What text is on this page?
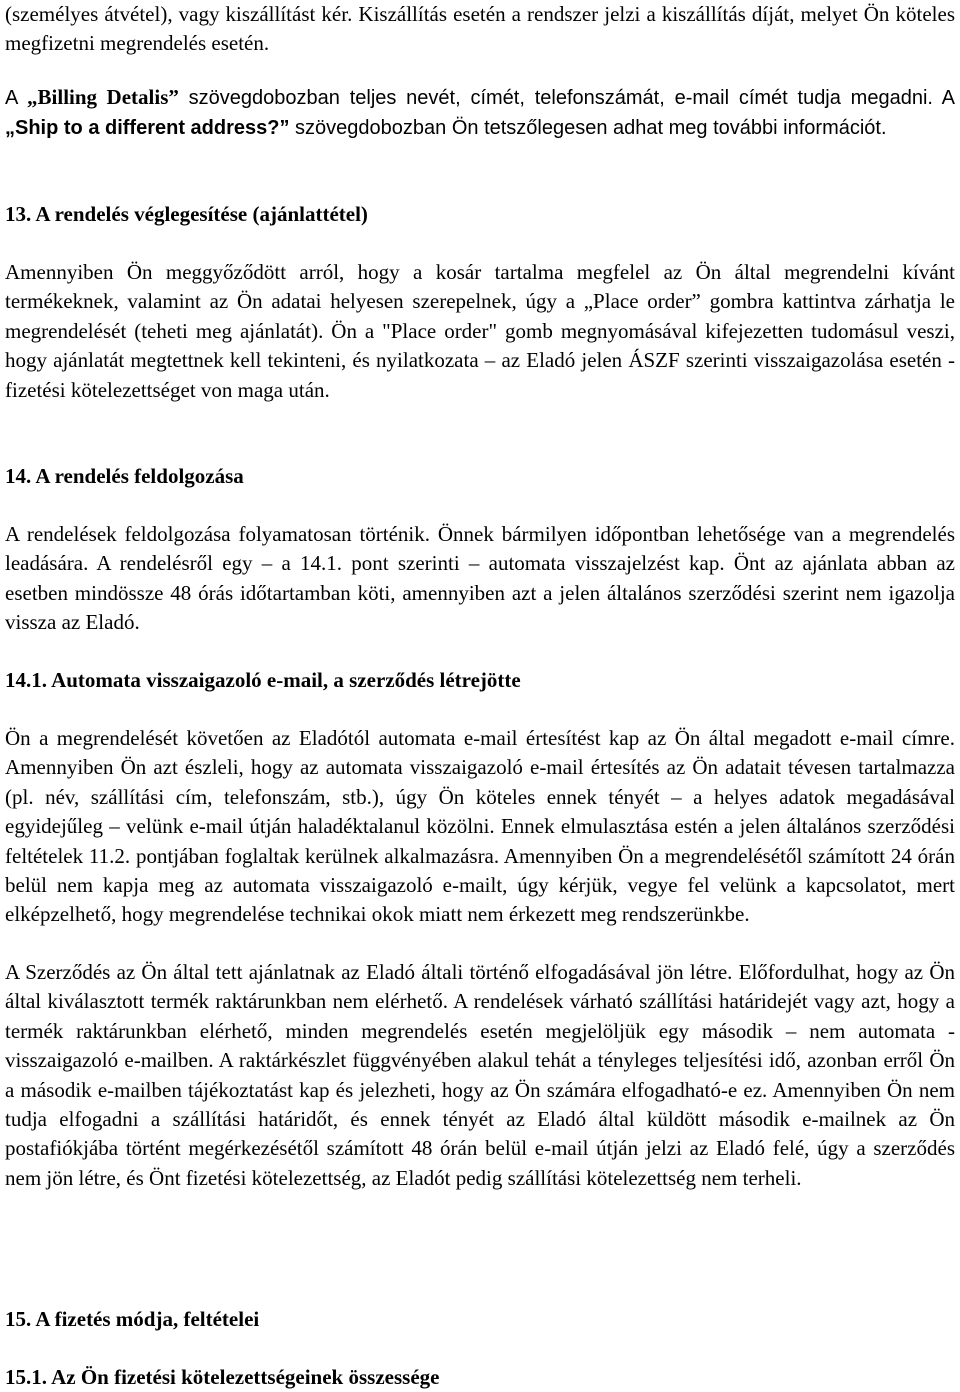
(személyes átvétel), vagy kiszállítást kér. Kiszállítás esetén a rendszer jelzi a kiszállítás díját, melyet Ön köteles megfizetni megrendelés esetén.
A „Billing Detalis” szövegdobozban teljes nevét, címét, telefonszámát, e-mail címét tudja megadni. A „Ship to a different address?” szövegdobozban Ön tetszőlegesen adhat meg további információt.
13. A rendelés véglegesítése (ajánlattétel)
Amennyiben Ön meggyőződött arról, hogy a kosár tartalma megfelel az Ön által megrendelni kívánt termékeknek, valamint az Ön adatai helyesen szerepelnek, úgy a „Place order” gombra kattintva zárhatja le megrendelését (teheti meg ajánlatát). Ön a "Place order" gomb megnyomásával kifejezetten tudomásul veszi, hogy ajánlatát megtettnek kell tekinteni, és nyilatkozata – az Eladó jelen ÁSZF szerinti visszaigazolása esetén - fizetési kötelezettséget von maga után.
14. A rendelés feldolgozása
A rendelések feldolgozása folyamatosan történik. Önnek bármilyen időpontban lehetősége van a megrendelés leadására. A rendelésről egy – a 14.1. pont szerinti – automata visszajelzést kap. Önt az ajánlata abban az esetben mindössze 48 órás időtartamban köti, amennyiben azt a jelen általános szerződési szerint nem igazolja vissza az Eladó.
14.1. Automata visszaigazoló e-mail, a szerződés létrejötte
Ön a megrendelését követően az Eladótól automata e-mail értesítést kap az Ön által megadott e-mail címre. Amennyiben Ön azt észleli, hogy az automata visszaigazoló e-mail értesítés az Ön adatait tévesen tartalmazza (pl. név, szállítási cím, telefonszám, stb.), úgy Ön köteles ennek tényét – a helyes adatok megadásával egyidejűleg – velünk e-mail útján haladéktalanul közölni. Ennek elmulasztása estén a jelen általános szerződési feltételek 11.2. pontjában foglaltak kerülnek alkalmazásra. Amennyiben Ön a megrendelésétől számított 24 órán belül nem kapja meg az automata visszaigazoló e-mailt, úgy kérjük, vegye fel velünk a kapcsolatot, mert elképzelhető, hogy megrendelése technikai okok miatt nem érkezett meg rendszerünkbe.
A Szerződés az Ön által tett ajánlatnak az Eladó általi történő elfogadásával jön létre. Előfordulhat, hogy az Ön által kiválasztott termék raktárunkban nem elérhető. A rendelések várható szállítási határidejét vagy azt, hogy a termék raktárunkban elérhető, minden megrendelés esetén megjelöljük egy második – nem automata - visszaigazoló e-mailben. A raktárkészlet függvényében alakul tehát a tényleges teljesítési idő, azonban erről Ön a második e-mailben tájékoztatást kap és jelezheti, hogy az Ön számára elfogadható-e ez. Amennyiben Ön nem tudja elfogadni a szállítási határidőt, és ennek tényét az Eladó által küldött második e-mailnek az Ön postafiókjába történt megérkezésétől számított 48 órán belül e-mail útján jelzi az Eladó felé, úgy a szerződés nem jön létre, és Önt fizetési kötelezettség, az Eladót pedig szállítási kötelezettség nem terheli.
15. A fizetés módja, feltételei
15.1. Az Ön fizetési kötelezettségeinek összessége
